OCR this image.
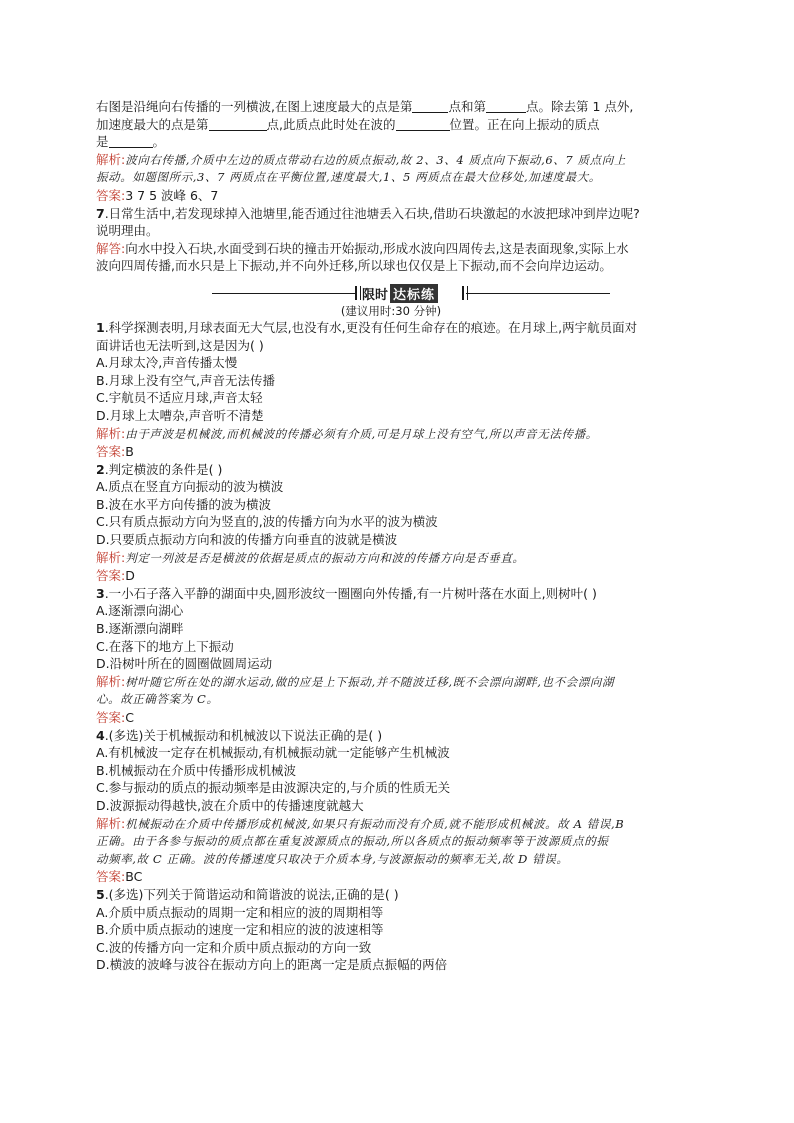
右图是沿绳向右传播的一列横波,在图上速度最大的点是第	点和第	点。除去第 1 点外,
加速度最大的点是第	点,此质点此时处在波的	位置。正在向上振动的质点
是	。
解析:波向右传播,介质中左边的质点带动右边的质点振动,故 2、3、4 质点向下振动,6、7 质点向上
振动。如题图所示,3、7 两质点在平衡位置,速度最大,1、5 两质点在最大位移处,加速度最大。
答案:3 7 5 波峰 6、7
7.日常生活中,若发现球掉入池塘里,能否通过往池塘丢入石块,借助石块激起的水波把球冲到岸边呢?
说明理由。
解答:向水中投入石块,水面受到石块的撞击开始振动,形成水波向四周传去,这是表面现象,实际上水
波向四周传播,而水只是上下振动,并不向外迁移,所以球也仅仅是上下振动,而不会向岸边运动。
限时 达标练
(建议用时:30 分钟)
1.科学探测表明,月球表面无大气层,也没有水,更没有任何生命存在的痕迹。在月球上,两宇航员面对
面讲话也无法听到,这是因为( )
A.月球太冷,声音传播太慢
B.月球上没有空气,声音无法传播
C.宇航员不适应月球,声音太轻
D.月球上太嘈杂,声音听不清楚
解析:由于声波是机械波,而机械波的传播必须有介质,可是月球上没有空气,所以声音无法传播。
答案:B
2.判定横波的条件是( )
A.质点在竖直方向振动的波为横波
B.波在水平方向传播的波为横波
C.只有质点振动方向为竖直的,波的传播方向为水平的波为横波
D.只要质点振动方向和波的传播方向垂直的波就是横波
解析:判定一列波是否是横波的依据是质点的振动方向和波的传播方向是否垂直。
答案:D
3.一小石子落入平静的湖面中央,圆形波纹一圈圈向外传播,有一片树叶落在水面上,则树叶( )
A.逐渐漂向湖心
B.逐渐漂向湖畔
C.在落下的地方上下振动
D.沿树叶所在的圆圈做圆周运动
解析:树叶随它所在处的湖水运动,做的应是上下振动,并不随波迁移,既不会漂向湖畔,也不会漂向湖
心。故正确答案为 C。
答案:C
4.(多选)关于机械振动和机械波以下说法正确的是( )
A.有机械波一定存在机械振动,有机械振动就一定能够产生机械波
B.机械振动在介质中传播形成机械波
C.参与振动的质点的振动频率是由波源决定的,与介质的性质无关
D.波源振动得越快,波在介质中的传播速度就越大
解析:机械振动在介质中传播形成机械波,如果只有振动而没有介质,就不能形成机械波。故 A 错误,B
正确。由于各参与振动的质点都在重复波源质点的振动,所以各质点的振动频率等于波源质点的振
动频率,故 C 正确。波的传播速度只取决于介质本身,与波源振动的频率无关,故 D 错误。
答案:BC
5.(多选)下列关于简谐运动和简谐波的说法,正确的是( )
A.介质中质点振动的周期一定和相应的波的周期相等
B.介质中质点振动的速度一定和相应的波的波速相等
C.波的传播方向一定和介质中质点振动的方向一致
D.横波的波峰与波谷在振动方向上的距离一定是质点振幅的两倍
